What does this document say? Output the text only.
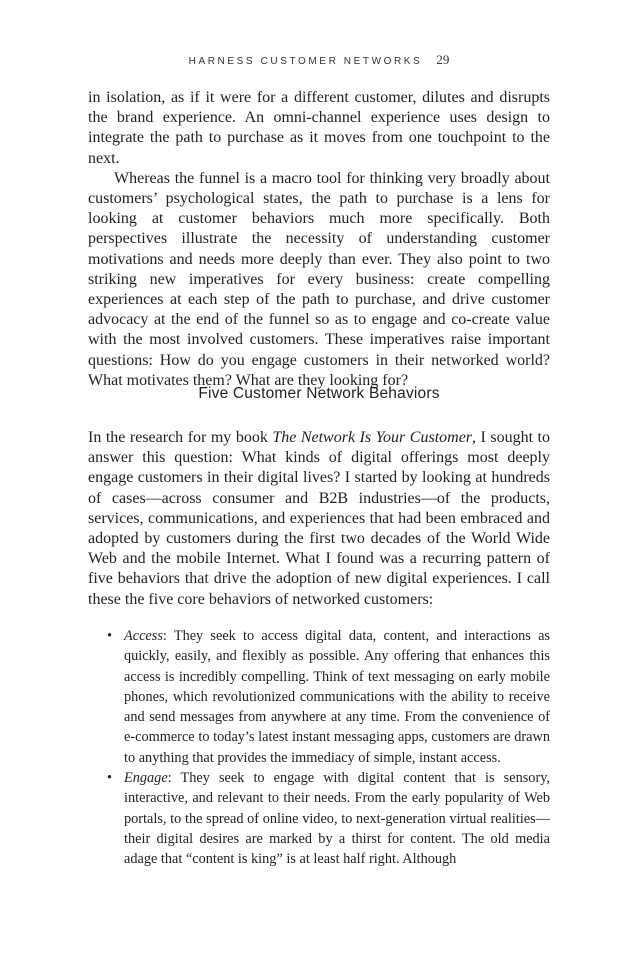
HARNESS CUSTOMER NETWORKS 29

in isolation, as if it were for a different customer, dilutes and disrupts the brand experience. An omni-channel experience uses design to integrate the path to purchase as it moves from one touchpoint to the next.

Whereas the funnel is a macro tool for thinking very broadly about customers’ psychological states, the path to purchase is a lens for looking at customer behaviors much more specifically. Both perspectives illustrate the necessity of understanding customer motivations and needs more deeply than ever. They also point to two striking new imperatives for every business: create compelling experiences at each step of the path to purchase, and drive customer advocacy at the end of the funnel so as to engage and co-create value with the most involved customers. These imperatives raise important questions: How do you engage customers in their networked world? What motivates them? What are they looking for?

Five Customer Network Behaviors

In the research for my book The Network Is Your Customer, I sought to answer this question: What kinds of digital offerings most deeply engage customers in their digital lives? I started by looking at hundreds of cases—across consumer and B2B industries—of the products, services, communications, and experiences that had been embraced and adopted by customers during the first two decades of the World Wide Web and the mobile Internet. What I found was a recurring pattern of five behaviors that drive the adoption of new digital experiences. I call these the five core behaviors of networked customers:

• Access: They seek to access digital data, content, and interactions as quickly, easily, and flexibly as possible. Any offering that enhances this access is incredibly compelling. Think of text messaging on early mobile phones, which revolutionized communications with the ability to receive and send messages from anywhere at any time. From the convenience of e-commerce to today’s latest instant messaging apps, customers are drawn to anything that provides the immediacy of simple, instant access.
• Engage: They seek to engage with digital content that is sensory, interactive, and relevant to their needs. From the early popularity of Web portals, to the spread of online video, to next-generation virtual realities—their digital desires are marked by a thirst for content. The old media adage that “content is king” is at least half right. Although
